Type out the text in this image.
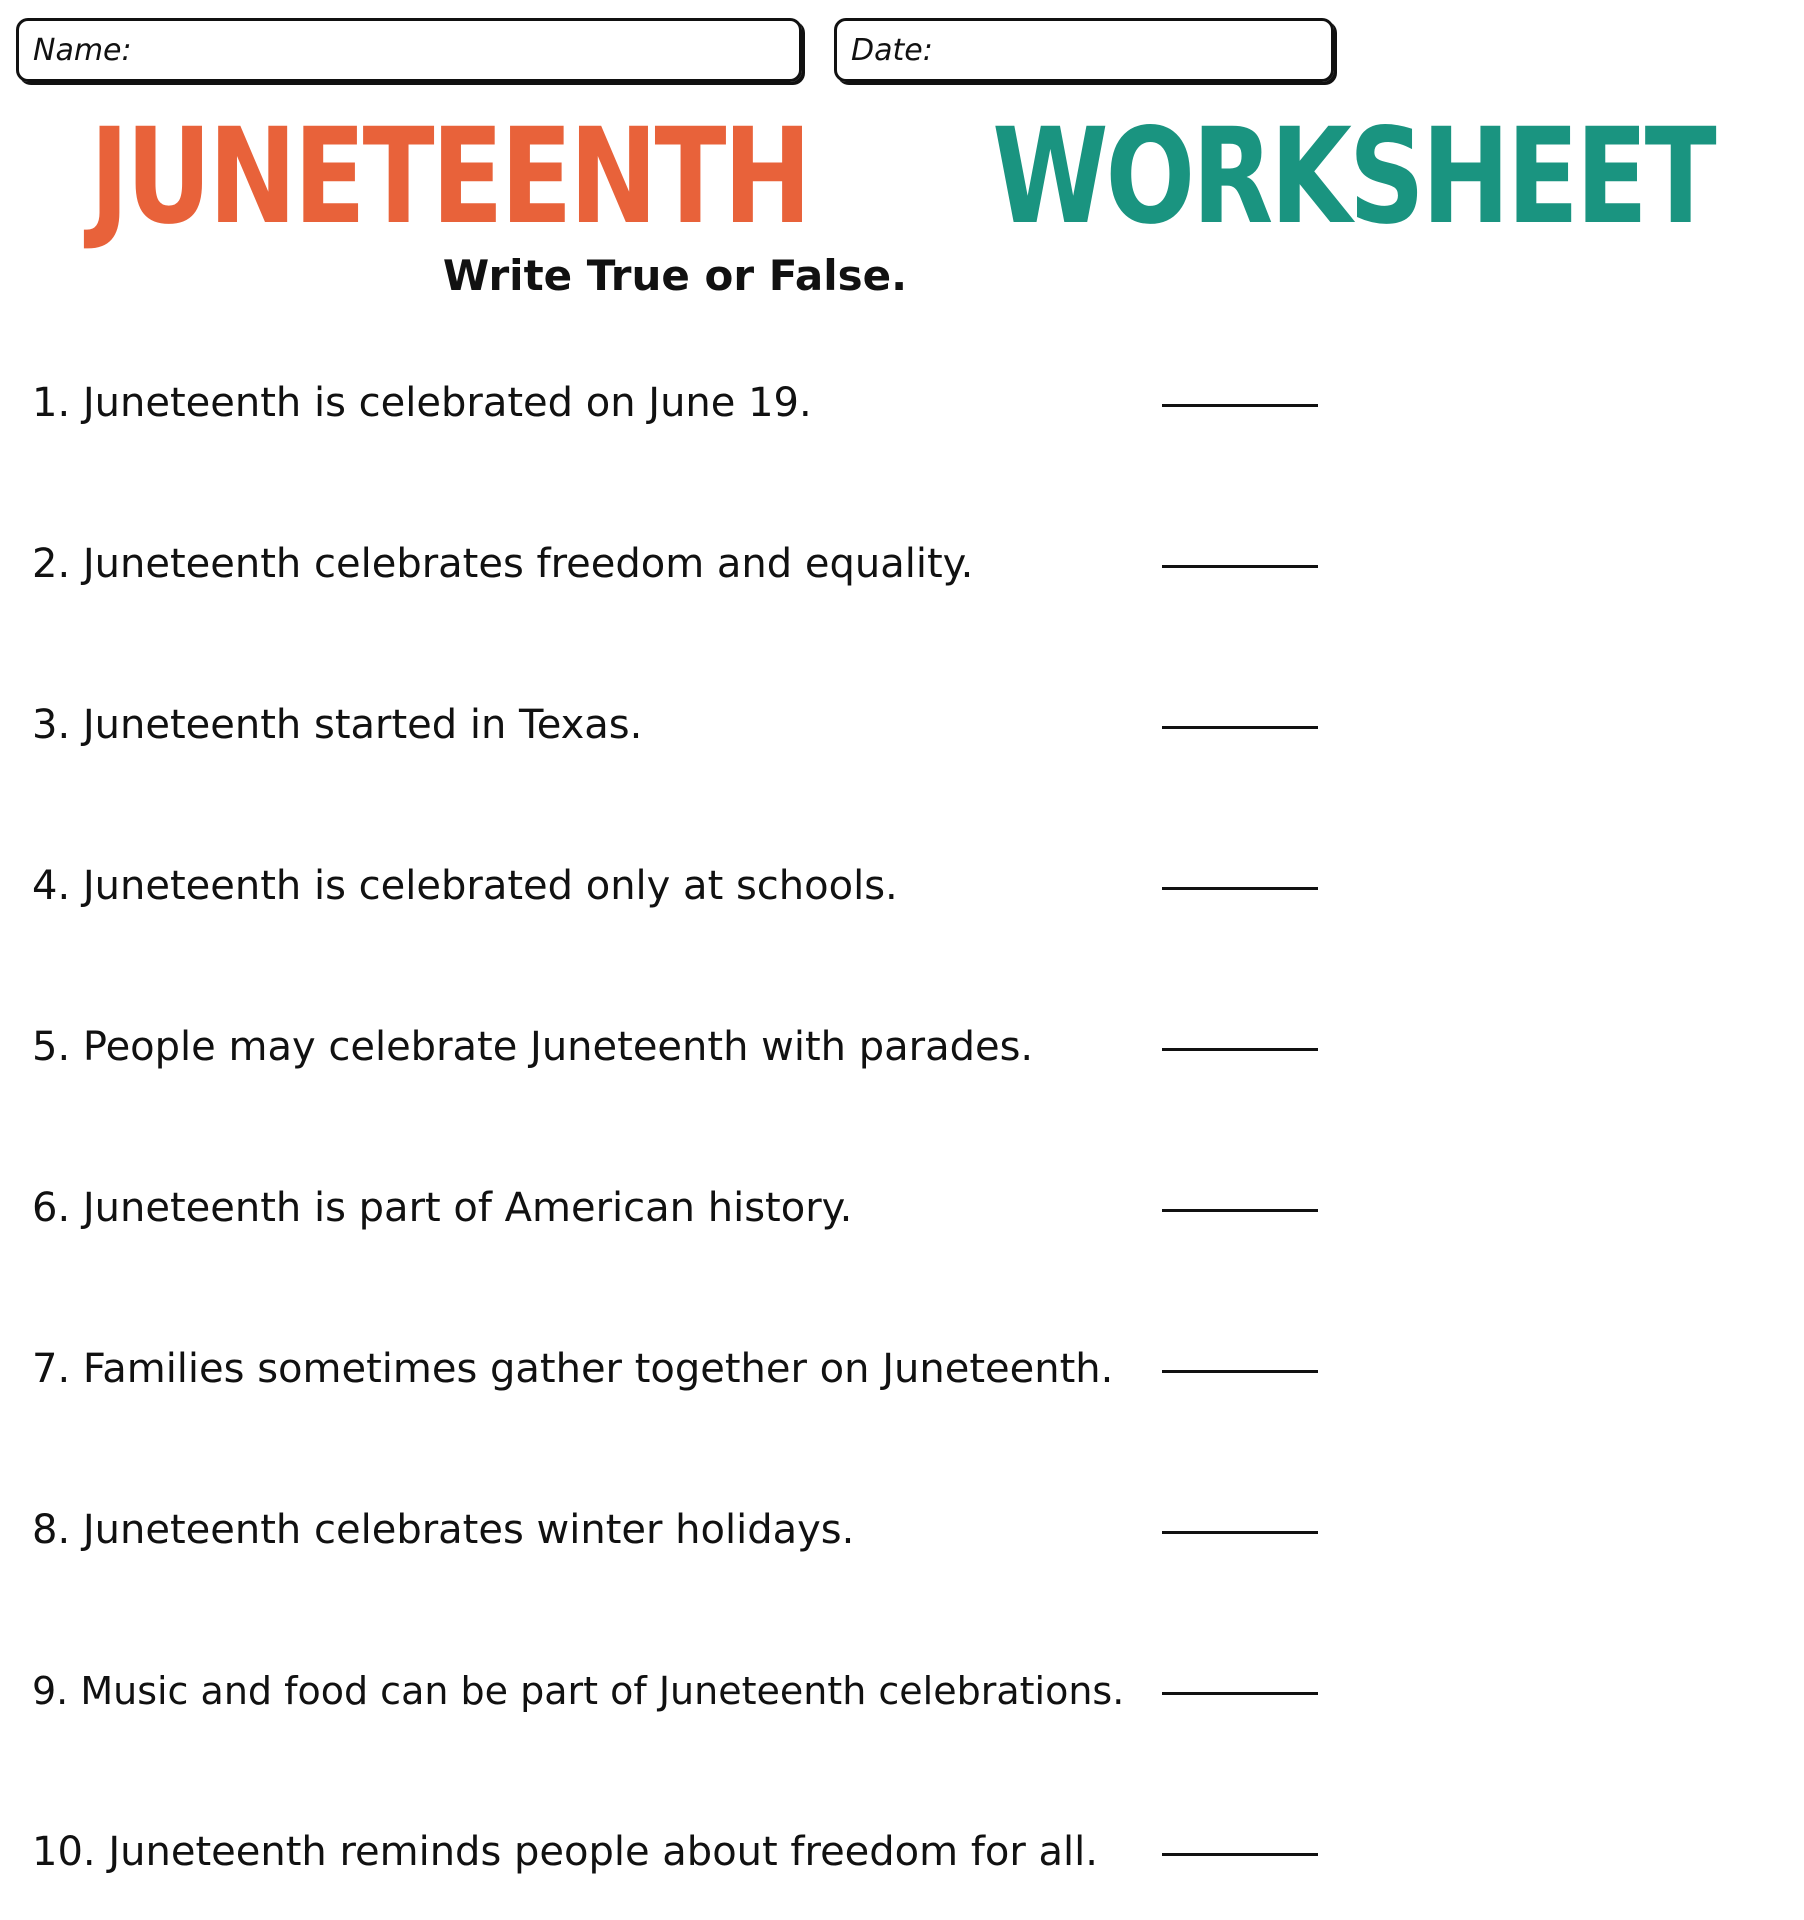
Name:	Date:
JUNETEENTH WORKSHEET
Write True or False.
1. Juneteenth is celebrated on June 19.
2. Juneteenth celebrates freedom and equality.
3. Juneteenth started in Texas.
4. Juneteenth is celebrated only at schools.
5. People may celebrate Juneteenth with parades.
6. Juneteenth is part of American history.
7. Families sometimes gather together on Juneteenth.
8. Juneteenth celebrates winter holidays.
9. Music and food can be part of Juneteenth celebrations.
10. Juneteenth reminds people about freedom for all.
